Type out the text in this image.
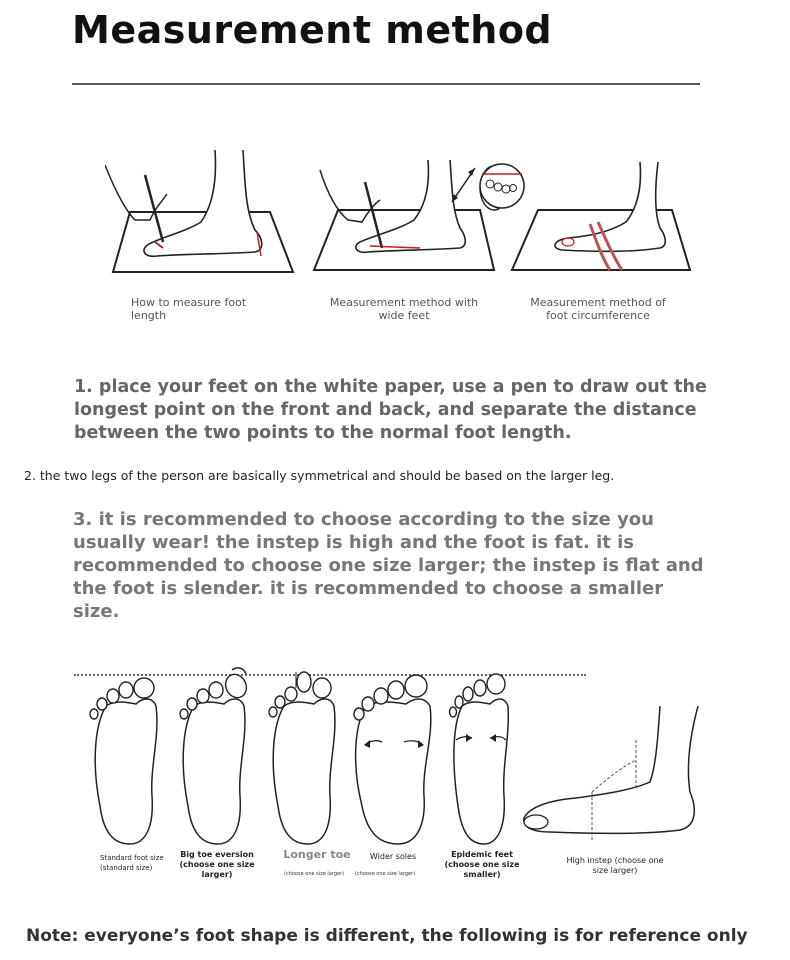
Measurement method
How to measure foot length
Measurement method with wide feet
Measurement method of foot circumference
1. place your feet on the white paper, use a pen to draw out the longest point on the front and back, and separate the distance between the two points to the normal foot length.
2. the two legs of the person are basically symmetrical and should be based on the larger leg.
3. it is recommended to choose according to the size you usually wear! the instep is high and the foot is fat. it is recommended to choose one size larger; the instep is flat and the foot is slender. it is recommended to choose a smaller size.
Standard foot size (standard size)
Big toe eversion (choose one size larger)
Longer toe	Wider soles	Epidemic feet (choose one size smaller)
High instep (choose one size larger)
(choose one size larger) (choose one size larger)
Note: everyone’s foot shape is different, the following is for reference only
